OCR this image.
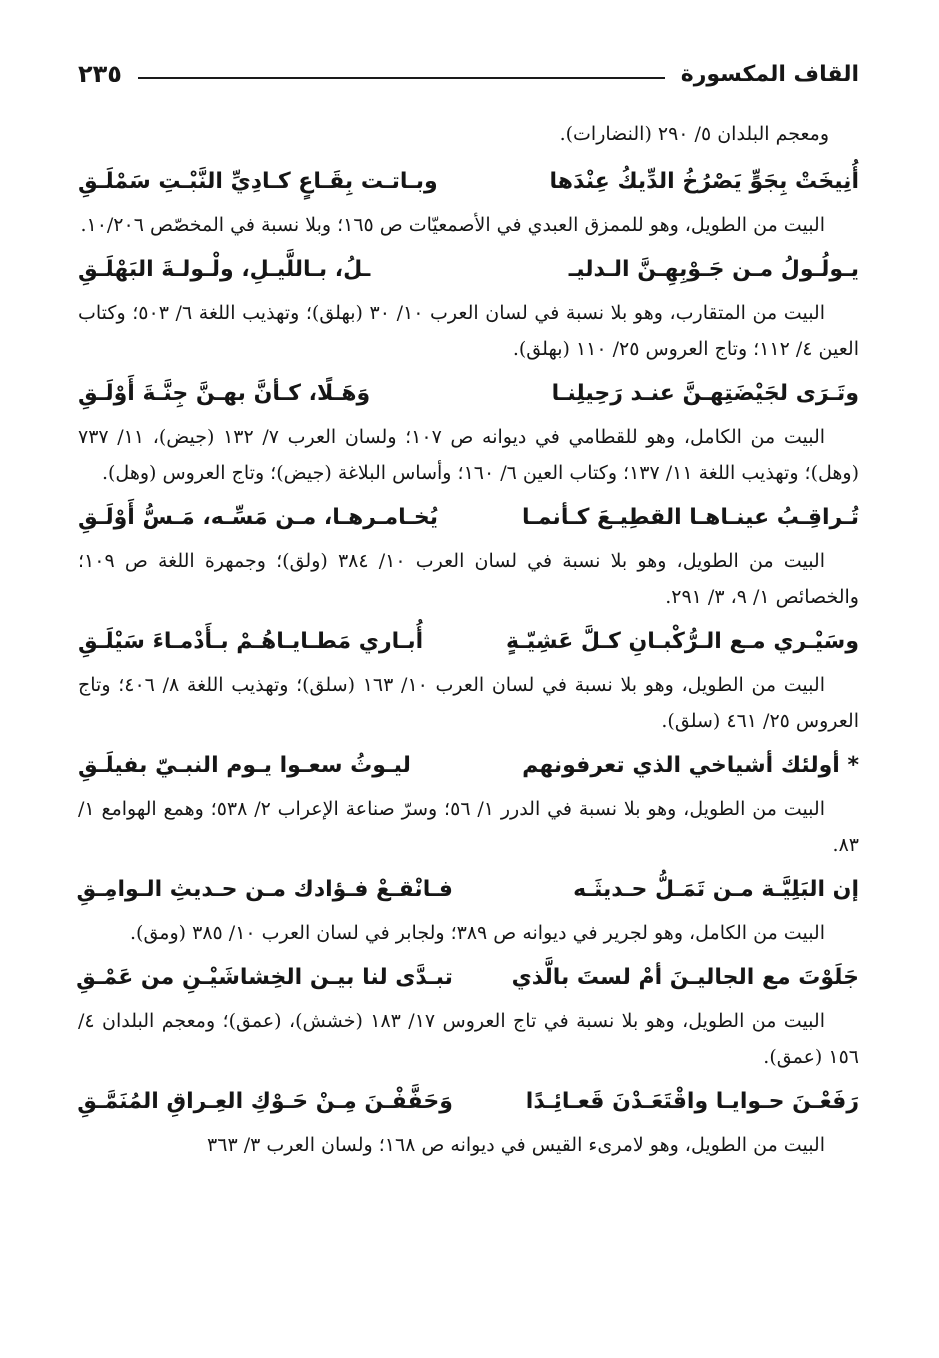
القاف المكسورة
٢٣٥

ومعجم البلدان ٥/ ٢٩٠ (النضارات).

أُنِيخَتْ بِجَوٍّ يَصْرُخُ الدِّيكُ عِنْدَها
وبـاتـت بِقَـاعٍ كـادِيِّ النَّبْـتِ سَمْلَـقِ

البيت من الطويل، وهو للممزق العبدي في الأصمعيّات ص ١٦٥؛ وبلا نسبة في المخصّص ١٠/٢٠٦.

يـولُـولُ مـن جَـوْبِهِـنَّ الـدليـ
ـلُ، بـاللَّيـلِ، ولْـولـةَ البَهْلَـقِ

البيت من المتقارب، وهو بلا نسبة في لسان العرب ١٠/ ٣٠ (بهلق)؛ وتهذيب اللغة ٦/ ٥٠٣؛ وكتاب العين ٤/ ١١٢؛ وتاج العروس ٢٥/ ١١٠ (بهلق).

وتَـرَى لجَيْضَتِهـنَّ عنـد رَحِيلِنـا
وَهَـلًا، كـأنَّ بهـنَّ جِنَّـةَ أَوْلَـقِ

البيت من الكامل، وهو للقطامي في ديوانه ص ١٠٧؛ ولسان العرب ٧/ ١٣٢ (جيض)، ١١/ ٧٣٧ (وهل)؛ وتهذيب اللغة ١١/ ١٣٧؛ وكتاب العين ٦/ ١٦٠؛ وأساس البلاغة (جيض)؛ وتاج العروس (وهل).

تُـراقِـبُ عينـاهـا القطِيـعَ كـأنمـا
يُخـامـرهـا، مـن مَسِّـه، مَـسُّ أَوْلَـقِ

البيت من الطويل، وهو بلا نسبة في لسان العرب ١٠/ ٣٨٤ (ولق)؛ وجمهرة اللغة ص ١٠٩؛ والخصائص ١/ ٩، ٣/ ٢٩١.

وسَيْـري مـع الـرُّكْبـانِ كـلَّ عَشِيّـةٍ
أُبـاري مَطـايـاهُـمْ بـأَدْمـاءَ سَيْلَـقِ

البيت من الطويل، وهو بلا نسبة في لسان العرب ١٠/ ١٦٣ (سلق)؛ وتهذيب اللغة ٨/ ٤٠٦؛ وتاج العروس ٢٥/ ٤٦١ (سلق).

* أولئك أشياخي الذي تعرفونهم
ليـوثُ سعـوا يـوم النبـيّ بفيلَـقِ

البيت من الطويل، وهو بلا نسبة في الدرر ١/ ٥٦؛ وسرّ صناعة الإعراب ٢/ ٥٣٨؛ وهمع الهوامع ١/ ٨٣.

إن البَلِيَّـة مـن تَمَـلُّ حـديثَـه
فـانْقـعْ فـؤادك مـن حـديثِ الـوامِـقِ

البيت من الكامل، وهو لجرير في ديوانه ص ٣٨٩؛ ولجابر في لسان العرب ١٠/ ٣٨٥ (ومق).

جَلَوْتَ مع الجاليـنَ أمْ لستَ بالَّذي
تبـدَّى لنا بيـن الخِشاشَيْـنِ من عَمْـقِ

البيت من الطويل، وهو بلا نسبة في تاج العروس ١٧/ ١٨٣ (خشش)، (عمق)؛ ومعجم البلدان ٤/ ١٥٦ (عمق).

رَفَعْـنَ حـوايـا واقْتَعَـدْنَ قَعـائِـدًا
وَحَفَّفْـنَ مِـنْ حَـوْكِ العِـراقِ المُنَمَّـقِ

البيت من الطويل، وهو لامرىء القيس في ديوانه ص ١٦٨؛ ولسان العرب ٣/ ٣٦٣
